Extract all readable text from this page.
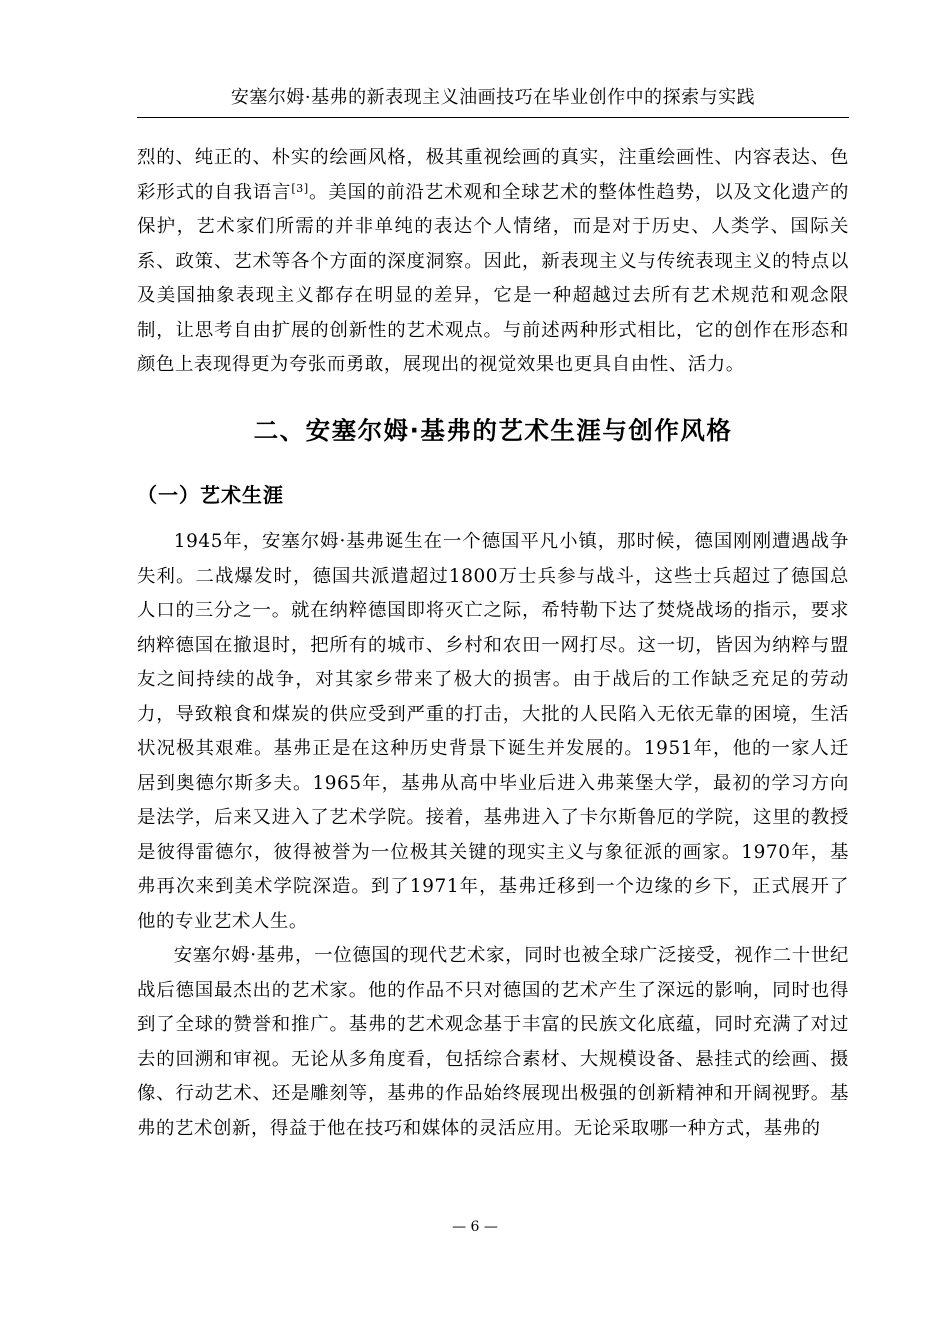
安塞尔姆·基弗的新表现主义油画技巧在毕业创作中的探索与实践

烈的、纯正的、朴实的绘画风格，极其重视绘画的真实，注重绘画性、内容表达、色彩形式的自我语言[3]。美国的前沿艺术观和全球艺术的整体性趋势，以及文化遗产的保护，艺术家们所需的并非单纯的表达个人情绪，而是对于历史、人类学、国际关系、政策、艺术等各个方面的深度洞察。因此，新表现主义与传统表现主义的特点以及美国抽象表现主义都存在明显的差异，它是一种超越过去所有艺术规范和观念限制，让思考自由扩展的创新性的艺术观点。与前述两种形式相比，它的创作在形态和颜色上表现得更为夸张而勇敢，展现出的视觉效果也更具自由性、活力。

二、安塞尔姆·基弗的艺术生涯与创作风格
（一）艺术生涯

1945年，安塞尔姆·基弗诞生在一个德国平凡小镇，那时候，德国刚刚遭遇战争失利。二战爆发时，德国共派遣超过1800万士兵参与战斗，这些士兵超过了德国总人口的三分之一。就在纳粹德国即将灭亡之际，希特勒下达了焚烧战场的指示，要求纳粹德国在撤退时，把所有的城市、乡村和农田一网打尽。这一切，皆因为纳粹与盟友之间持续的战争，对其家乡带来了极大的损害。由于战后的工作缺乏充足的劳动力，导致粮食和煤炭的供应受到严重的打击，大批的人民陷入无依无靠的困境，生活状况极其艰难。基弗正是在这种历史背景下诞生并发展的。1951年，他的一家人迁居到奥德尔斯多夫。1965年，基弗从高中毕业后进入弗莱堡大学，最初的学习方向是法学，后来又进入了艺术学院。接着，基弗进入了卡尔斯鲁厄的学院，这里的教授是彼得雷德尔，彼得被誉为一位极其关键的现实主义与象征派的画家。1970年，基弗再次来到美术学院深造。到了1971年，基弗迁移到一个边缘的乡下，正式展开了他的专业艺术人生。

安塞尔姆·基弗，一位德国的现代艺术家，同时也被全球广泛接受，视作二十世纪战后德国最杰出的艺术家。他的作品不只对德国的艺术产生了深远的影响，同时也得到了全球的赞誉和推广。基弗的艺术观念基于丰富的民族文化底蕴，同时充满了对过去的回溯和审视。无论从多角度看，包括综合素材、大规模设备、悬挂式的绘画、摄像、行动艺术、还是雕刻等，基弗的作品始终展现出极强的创新精神和开阔视野。基弗的艺术创新，得益于他在技巧和媒体的灵活应用。无论采取哪一种方式，基弗的

— 6 —
